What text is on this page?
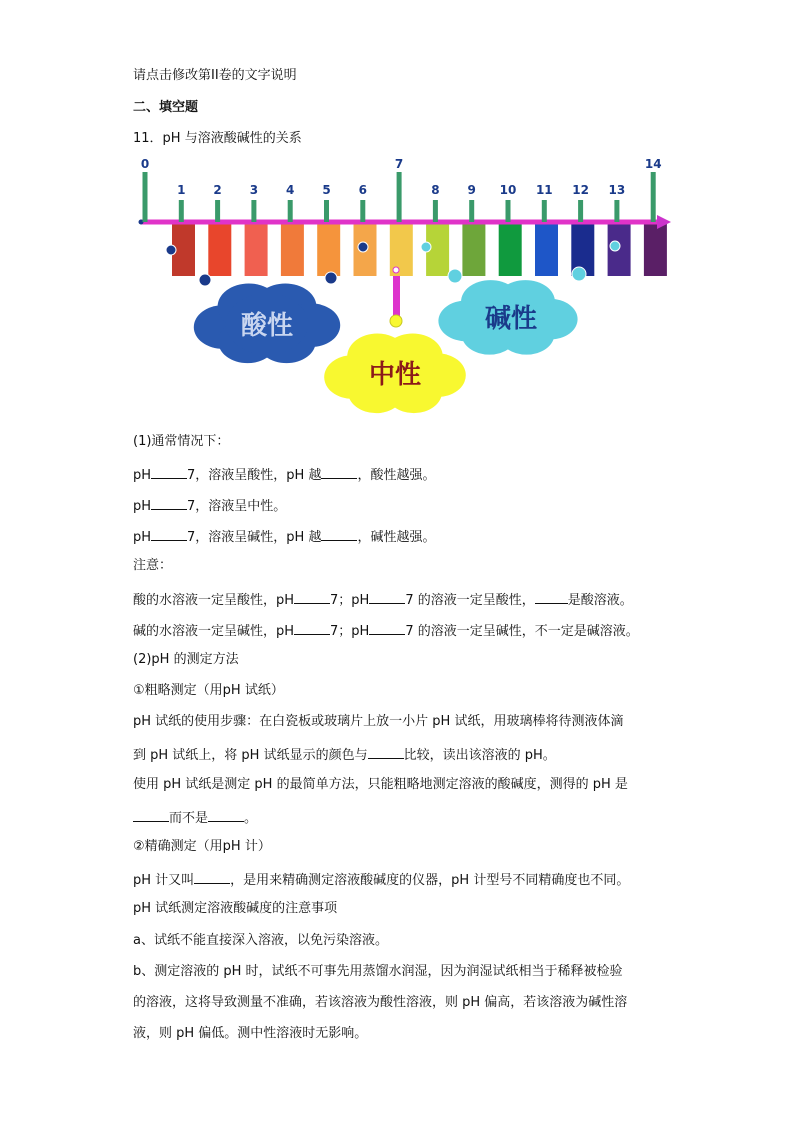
请点击修改第II卷的文字说明
二、填空题
11．pH 与溶液酸碱性的关系
0
1 2 3 4 5 6
7
8 9 10 11 12 13
14
酸性	碱性
中性
(1)通常情况下：
pH	7，溶液呈酸性，pH 越	，酸性越强。
pH	7，溶液呈中性。
pH	7，溶液呈碱性，pH 越	，碱性越强。
注意：
酸的水溶液一定呈酸性，pH	7；pH	7 的溶液一定呈酸性，	是酸溶液。
碱的水溶液一定呈碱性，pH	7；pH	7 的溶液一定呈碱性，不一定是碱溶液。
(2)pH 的测定方法
①粗略测定（用pH 试纸）
pH 试纸的使用步骤：在白瓷板或玻璃片上放一小片 pH 试纸，用玻璃棒将待测液体滴
到 pH 试纸上，将 pH 试纸显示的颜色与	比较，读出该溶液的 pH。
使用 pH 试纸是测定 pH 的最简单方法，只能粗略地测定溶液的酸碱度，测得的 pH 是
而不是	。
②精确测定（用pH 计）
pH 计又叫	，是用来精确测定溶液酸碱度的仪器，pH 计型号不同精确度也不同。
pH 试纸测定溶液酸碱度的注意事项
a、试纸不能直接深入溶液，以免污染溶液。
b、测定溶液的 pH 时，试纸不可事先用蒸馏水润湿，因为润湿试纸相当于稀释被检验
的溶液，这将导致测量不准确，若该溶液为酸性溶液，则 pH 偏高，若该溶液为碱性溶
液，则 pH 偏低。测中性溶液时无影响。
